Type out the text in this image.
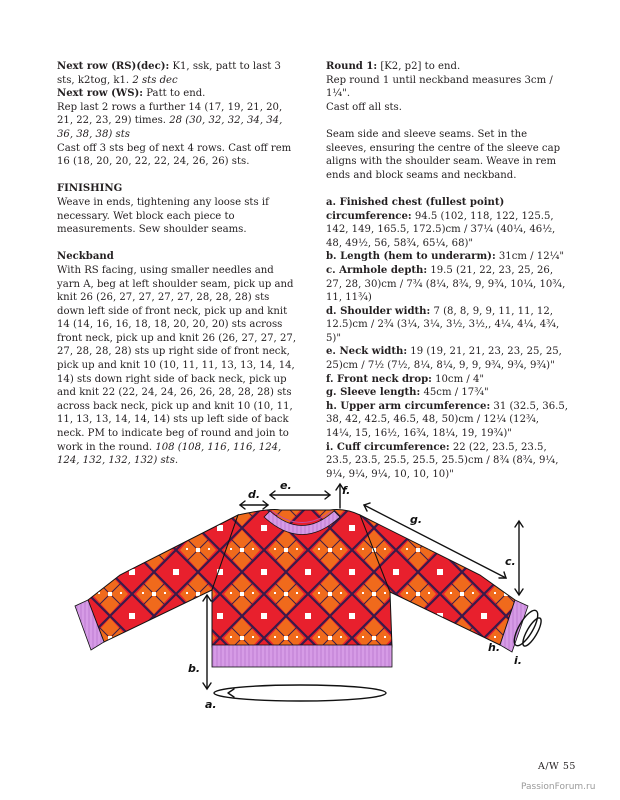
Next row (RS)(dec): K1, ssk, patt to last 3 sts, k2tog, k1. 2 sts dec

Next row (WS): Patt to end.

Rep last 2 rows a further 14 (17, 19, 21, 20, 21, 22, 23, 29) times. 28 (30, 32, 32, 34, 34, 36, 38, 38) sts

Cast off 3 sts beg of next 4 rows. Cast off rem 16 (18, 20, 20, 22, 22, 24, 26, 26) sts.

FINISHING

Weave in ends, tightening any loose sts if necessary. Wet block each piece to measurements. Sew shoulder seams.

Neckband

With RS facing, using smaller needles and yarn A, beg at left shoulder seam, pick up and knit 26 (26, 27, 27, 27, 27, 28, 28, 28) sts down left side of front neck, pick up and knit 14 (14, 16, 16, 18, 18, 20, 20, 20) sts across front neck, pick up and knit 26 (26, 27, 27, 27, 27, 28, 28, 28) sts up right side of front neck, pick up and knit 10 (10, 11, 11, 13, 13, 14, 14, 14) sts down right side of back neck, pick up and knit 22 (22, 24, 24, 26, 26, 28, 28, 28) sts across back neck, pick up and knit 10 (10, 11, 11, 13, 13, 14, 14, 14) sts up left side of back neck. PM to indicate beg of round and join to work in the round. 108 (108, 116, 116, 124, 124, 132, 132, 132) sts.

Round 1: [K2, p2] to end.

Rep round 1 until neckband measures 3cm / 1¼".

Cast off all sts.

Seam side and sleeve seams. Set in the sleeves, ensuring the centre of the sleeve cap aligns with the shoulder seam. Weave in rem ends and block seams and neckband.

a. Finished chest (fullest point) circumference: 94.5 (102, 118, 122, 125.5, 142, 149, 165.5, 172.5)cm / 37¼ (40¼, 46½, 48, 49½, 56, 58¾, 65¼, 68)"

b. Length (hem to underarm): 31cm / 12¼"

c. Armhole depth: 19.5 (21, 22, 23, 25, 26, 27, 28, 30)cm / 7¾ (8¼, 8¾, 9, 9¾, 10¼, 10¾, 11, 11¾)

d. Shoulder width: 7 (8, 8, 9, 9, 11, 11, 12, 12.5)cm / 2¾ (3¼, 3¼, 3½, 3½,, 4¼, 4¼, 4¾, 5)"

e. Neck width: 19 (19, 21, 21, 23, 23, 25, 25, 25)cm / 7½ (7½, 8¼, 8¼, 9, 9, 9¾, 9¾, 9¾)"

f. Front neck drop: 10cm / 4"

g. Sleeve length: 45cm / 17¾"

h. Upper arm circumference: 31 (32.5, 36.5, 38, 42, 42.5, 46.5, 48, 50)cm / 12¼ (12¾, 14¼, 15, 16½, 16¾, 18¼, 19, 19¾)"

i. Cuff circumference: 22 (22, 23.5, 23.5, 23.5, 23.5, 25.5, 25.5, 25.5)cm / 8¾ (8¾, 9¼, 9¼, 9¼, 9¼, 10, 10, 10)"

a.
b.
c.
d.
e.	f.
g.
h.
i.
A/W 55
PassionForum.ru
